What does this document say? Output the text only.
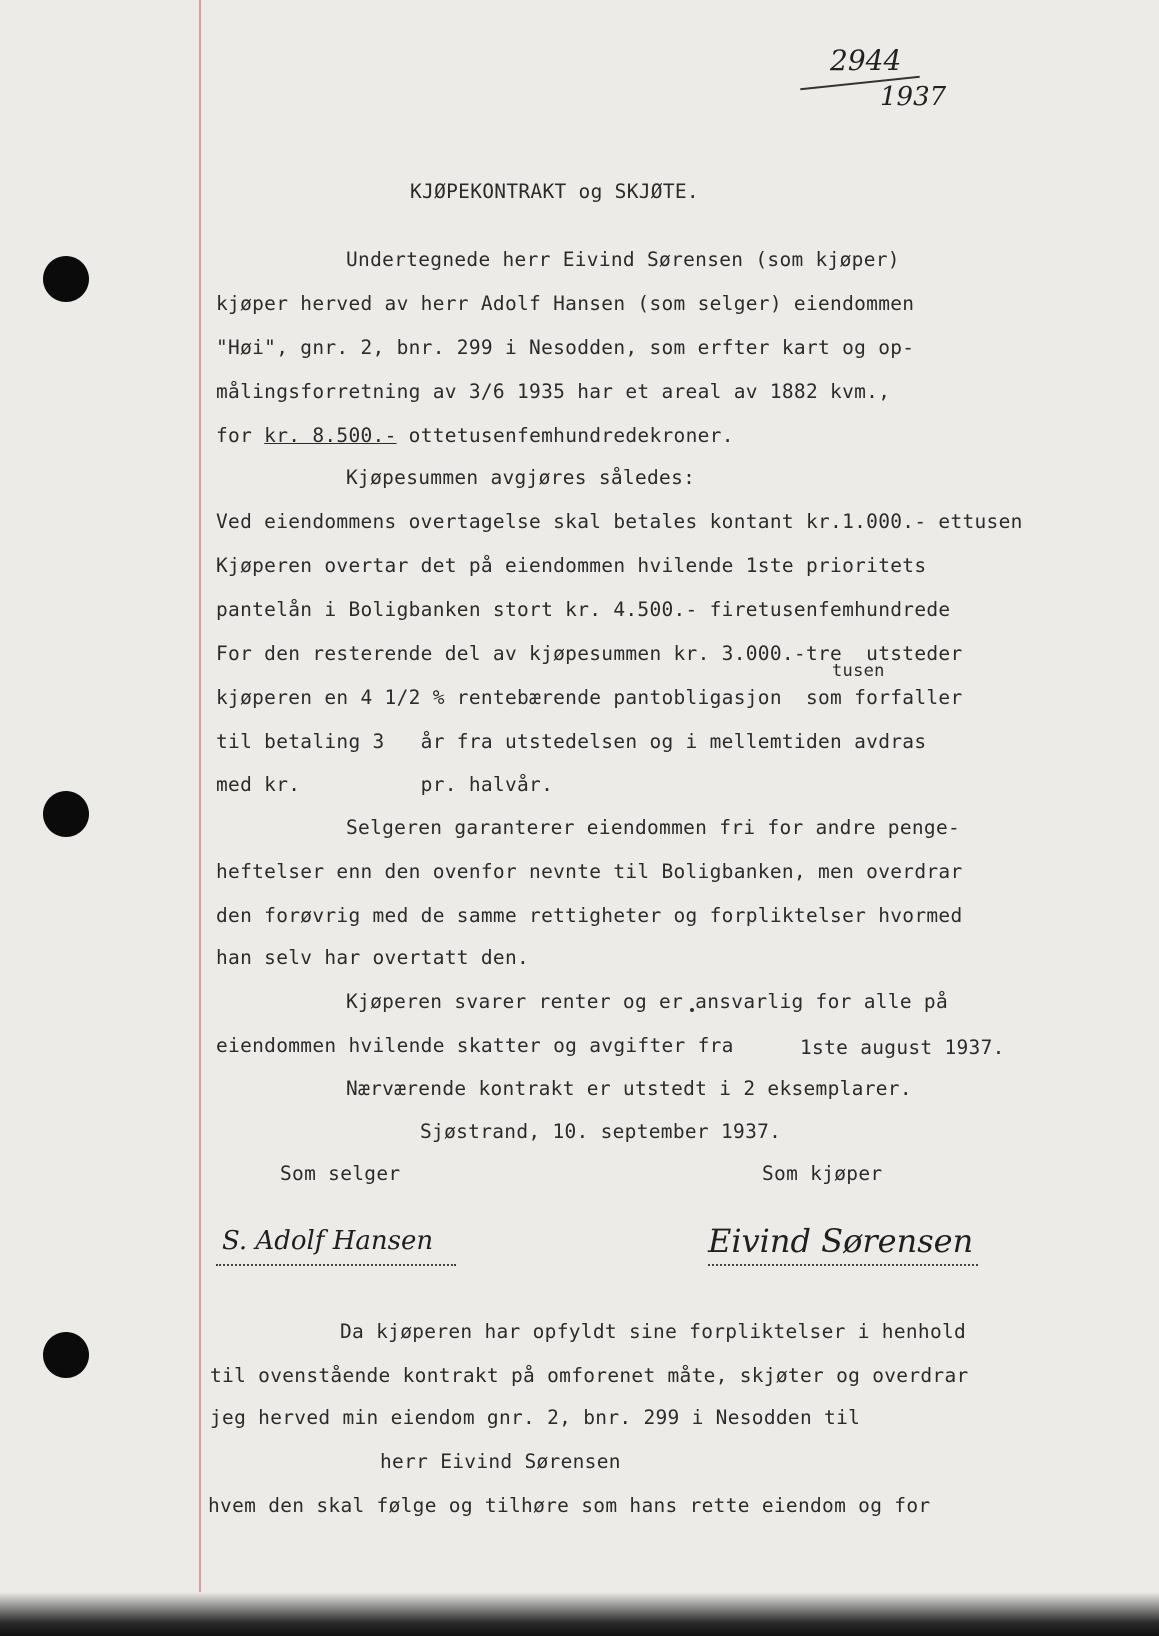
2944
1937
KJØPEKONTRAKT og SKJØTE.
Undertegnede herr Eivind Sørensen (som kjøper)
kjøper herved av herr Adolf Hansen (som selger) eiendommen
"Høi", gnr. 2, bnr. 299 i Nesodden, som erfter kart og op-
målingsforretning av 3/6 1935 har et areal av 1882 kvm.,
for kr. 8.500.- ottetusenfemhundredekroner.
Kjøpesummen avgjøres således:
Ved eiendommens overtagelse skal betales kontant kr.1.000.- ettusen
Kjøperen overtar det på eiendommen hvilende 1ste prioritets
pantelån i Boligbanken stort kr. 4.500.- firetusenfemhundrede
For den resterende del av kjøpesummen kr. 3.000.-tre  utsteder
tusen
kjøperen en 4 1/2 % rentebærende pantobligasjon  som forfaller
til betaling 3   år fra utstedelsen og i mellemtiden avdras
med kr.          pr. halvår.
Selgeren garanterer eiendommen fri for andre penge-
heftelser enn den ovenfor nevnte til Boligbanken, men overdrar
den forøvrig med de samme rettigheter og forpliktelser hvormed
han selv har overtatt den.
Kjøperen svarer renter og er ansvarlig for alle på
eiendommen hvilende skatter og avgifter fra	1ste august 1937.
Nærværende kontrakt er utstedt i 2 eksemplarer.
Sjøstrand, 10. september 1937.
Som selger	Som kjøper
S. Adolf Hansen	Eivind Sørensen
Da kjøperen har opfyldt sine forpliktelser i henhold
til ovenstående kontrakt på omforenet måte, skjøter og overdrar
jeg herved min eiendom gnr. 2, bnr. 299 i Nesodden til
herr Eivind Sørensen
hvem den skal følge og tilhøre som hans rette eiendom og for
